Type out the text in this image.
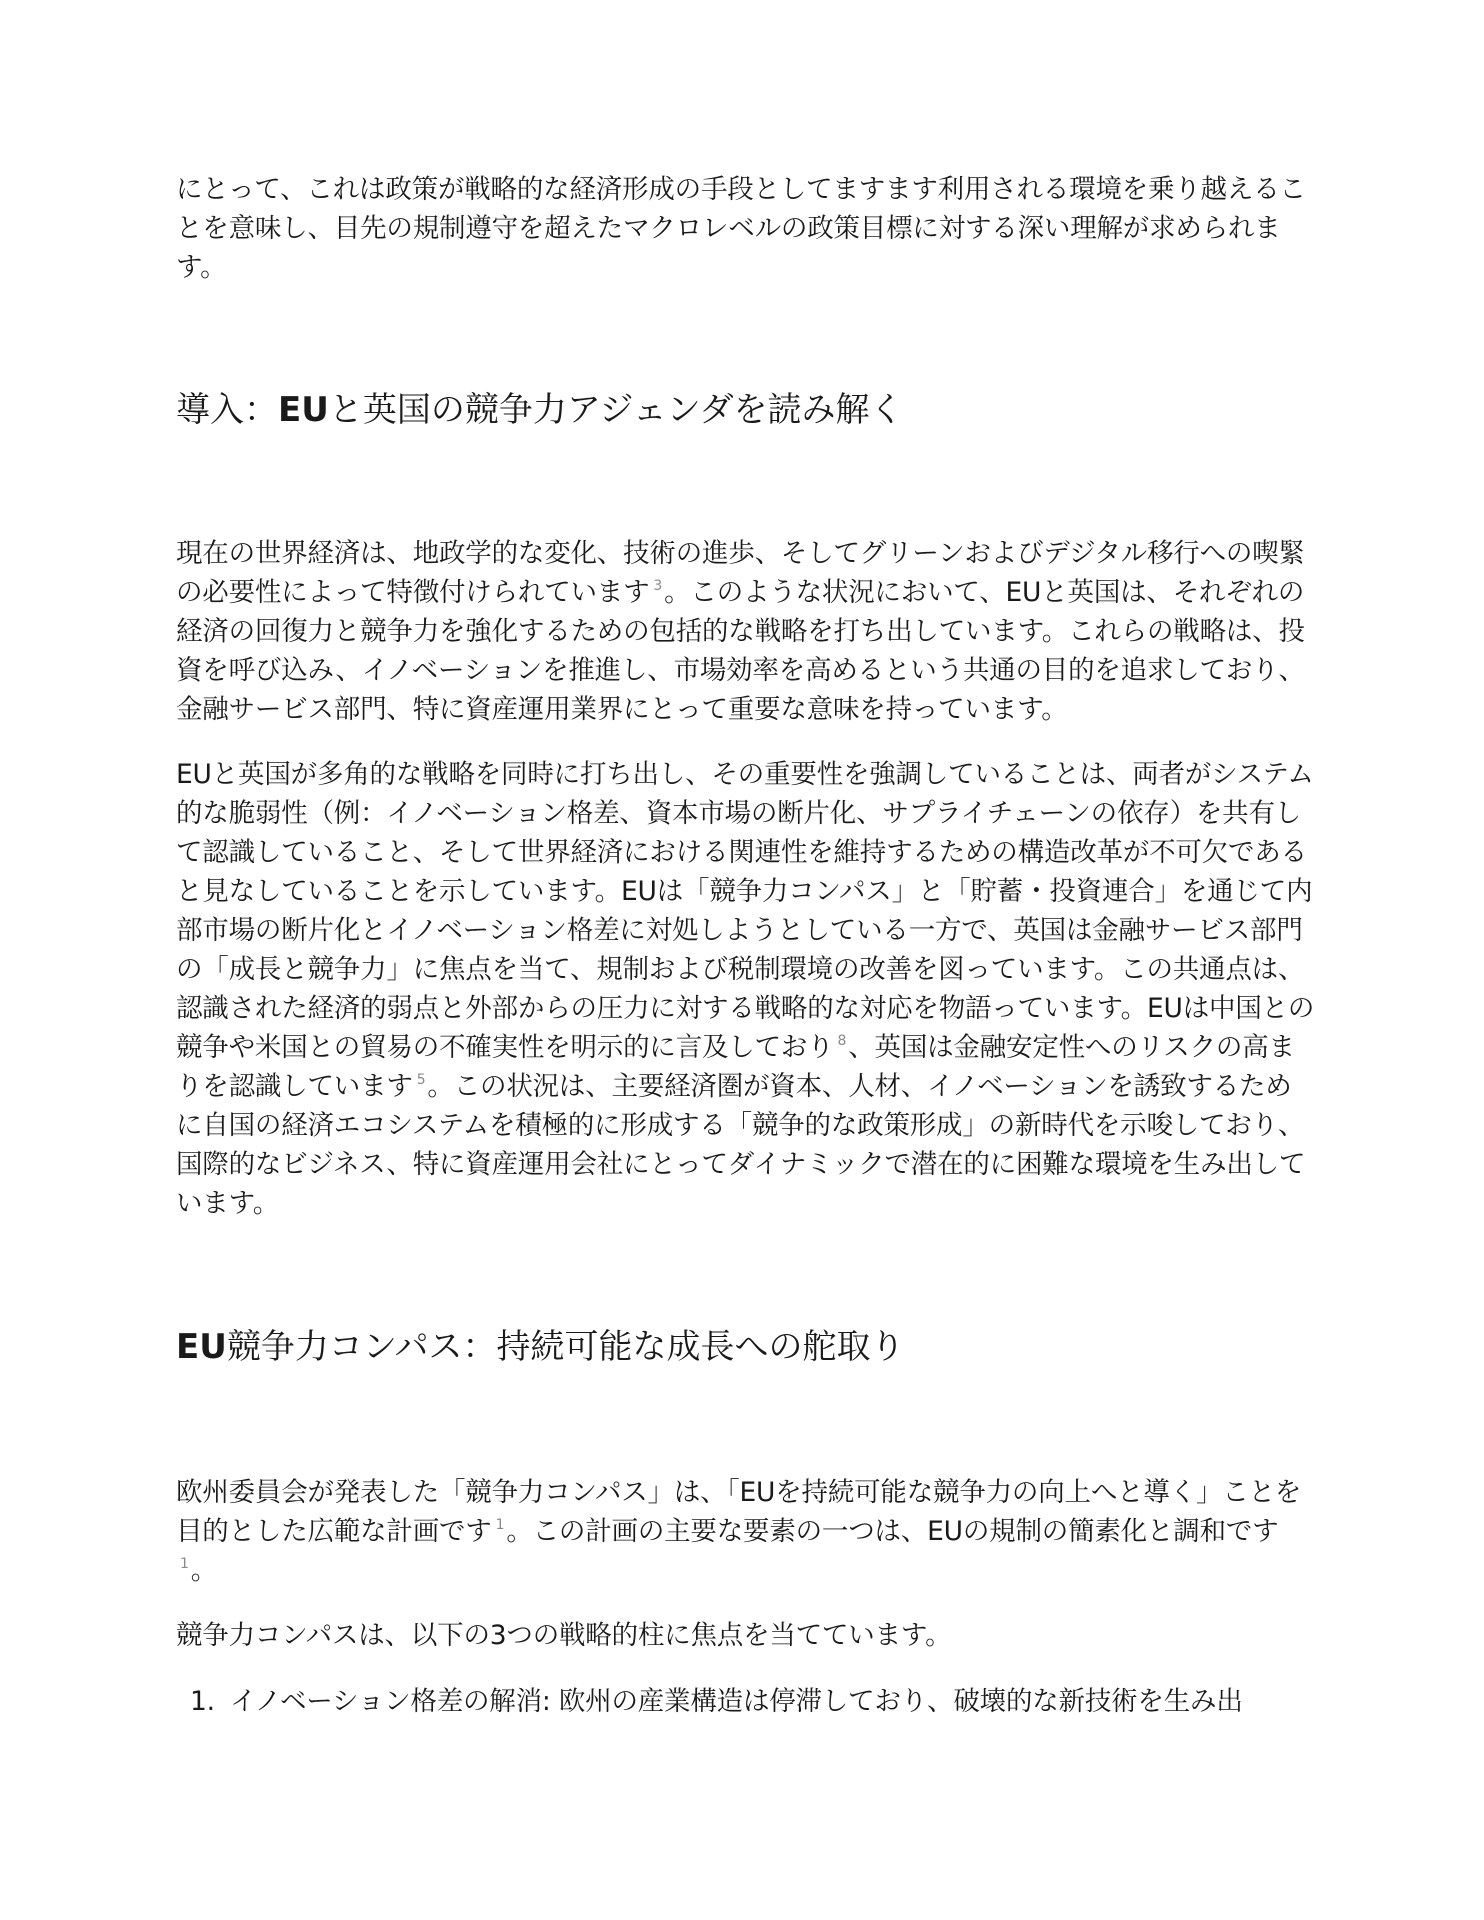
にとって、これは政策が戦略的な経済形成の手段としてますます利用される環境を乗り越えることを意味し、目先の規制遵守を超えたマクロレベルの政策目標に対する深い理解が求められます。

導入：EUと英国の競争力アジェンダを読み解く

現在の世界経済は、地政学的な変化、技術の進歩、そしてグリーンおよびデジタル移行への喫緊の必要性によって特徴付けられています $^3$。このような状況において、EUと英国は、それぞれの経済の回復力と競争力を強化するための包括的な戦略を打ち出しています。これらの戦略は、投資を呼び込み、イノベーションを推進し、市場効率を高めるという共通の目的を追求しており、金融サービス部門、特に資産運用業界にとって重要な意味を持っています。

EUと英国が多角的な戦略を同時に打ち出し、その重要性を強調していることは、両者がシステム的な脆弱性（例：イノベーション格差、資本市場の断片化、サプライチェーンの依存）を共有して認識していること、そして世界経済における関連性を維持するための構造改革が不可欠であると見なしていることを示しています。EUは「競争力コンパス」と「貯蓄・投資連合」を通じて内部市場の断片化とイノベーション格差に対処しようとしている一方で、英国は金融サービス部門の「成長と競争力」に焦点を当て、規制および税制環境の改善を図っています。この共通点は、認識された経済的弱点と外部からの圧力に対する戦略的な対応を物語っています。EUは中国との競争や米国との貿易の不確実性を明示的に言及しており $^8$、英国は金融安定性へのリスクの高まりを認識しています $^5$。この状況は、主要経済圏が資本、人材、イノベーションを誘致するために自国の経済エコシステムを積極的に形成する「競争的な政策形成」の新時代を示唆しており、国際的なビジネス、特に資産運用会社にとってダイナミックで潜在的に困難な環境を生み出しています。

EU競争力コンパス：持続可能な成長への舵取り

欧州委員会が発表した「競争力コンパス」は、「EUを持続可能な競争力の向上へと導く」ことを目的とした広範な計画です $^1$。この計画の主要な要素の一つは、EUの規制の簡素化と調和です$^1$。

競争力コンパスは、以下の3つの戦略的柱に焦点を当てています。

1. イノベーション格差の解消: 欧州の産業構造は停滞しており、破壊的な新技術を生み出
